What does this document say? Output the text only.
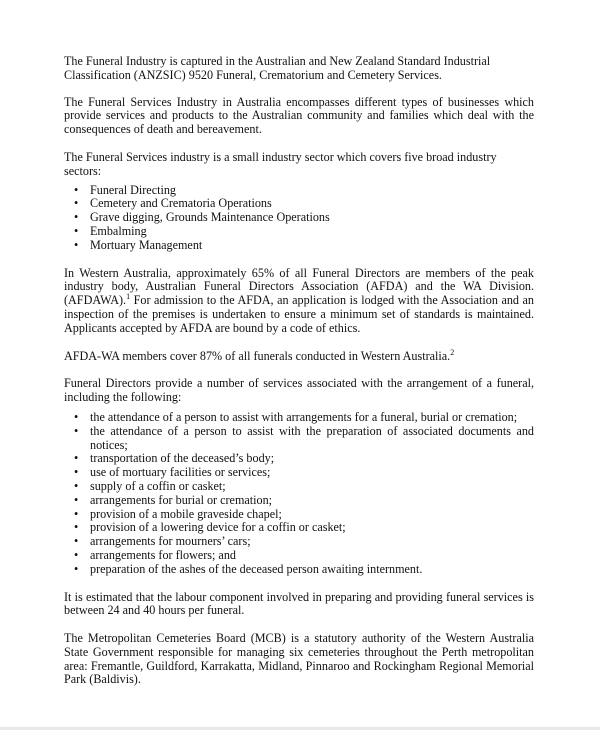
The Funeral Industry is captured in the Australian and New Zealand Standard Industrial Classification (ANZSIC) 9520 Funeral, Crematorium and Cemetery Services.

The Funeral Services Industry in Australia encompasses different types of businesses which provide services and products to the Australian community and families which deal with the consequences of death and bereavement.

The Funeral Services industry is a small industry sector which covers five broad industry sectors:

• Funeral Directing
• Cemetery and Crematoria Operations
• Grave digging, Grounds Maintenance Operations
• Embalming
• Mortuary Management

In Western Australia, approximately 65% of all Funeral Directors are members of the peak industry body, Australian Funeral Directors Association (AFDA) and the WA Division. (AFDAWA).$^1$ For admission to the AFDA, an application is lodged with the Association and an inspection of the premises is undertaken to ensure a minimum set of standards is maintained. Applicants accepted by AFDA are bound by a code of ethics.

AFDA-WA members cover 87% of all funerals conducted in Western Australia.$^2$

Funeral Directors provide a number of services associated with the arrangement of a funeral, including the following:

• the attendance of a person to assist with arrangements for a funeral, burial or cremation;
• the attendance of a person to assist with the preparation of associated documents and notices;
• transportation of the deceased’s body;
• use of mortuary facilities or services;
• supply of a coffin or casket;
• arrangements for burial or cremation;
• provision of a mobile graveside chapel;
• provision of a lowering device for a coffin or casket;
• arrangements for mourners’ cars;
• arrangements for flowers; and
• preparation of the ashes of the deceased person awaiting internment.

It is estimated that the labour component involved in preparing and providing funeral services is between 24 and 40 hours per funeral.

The Metropolitan Cemeteries Board (MCB) is a statutory authority of the Western Australia State Government responsible for managing six cemeteries throughout the Perth metropolitan area: Fremantle, Guildford, Karrakatta, Midland, Pinnaroo and Rockingham Regional Memorial Park (Baldivis).
